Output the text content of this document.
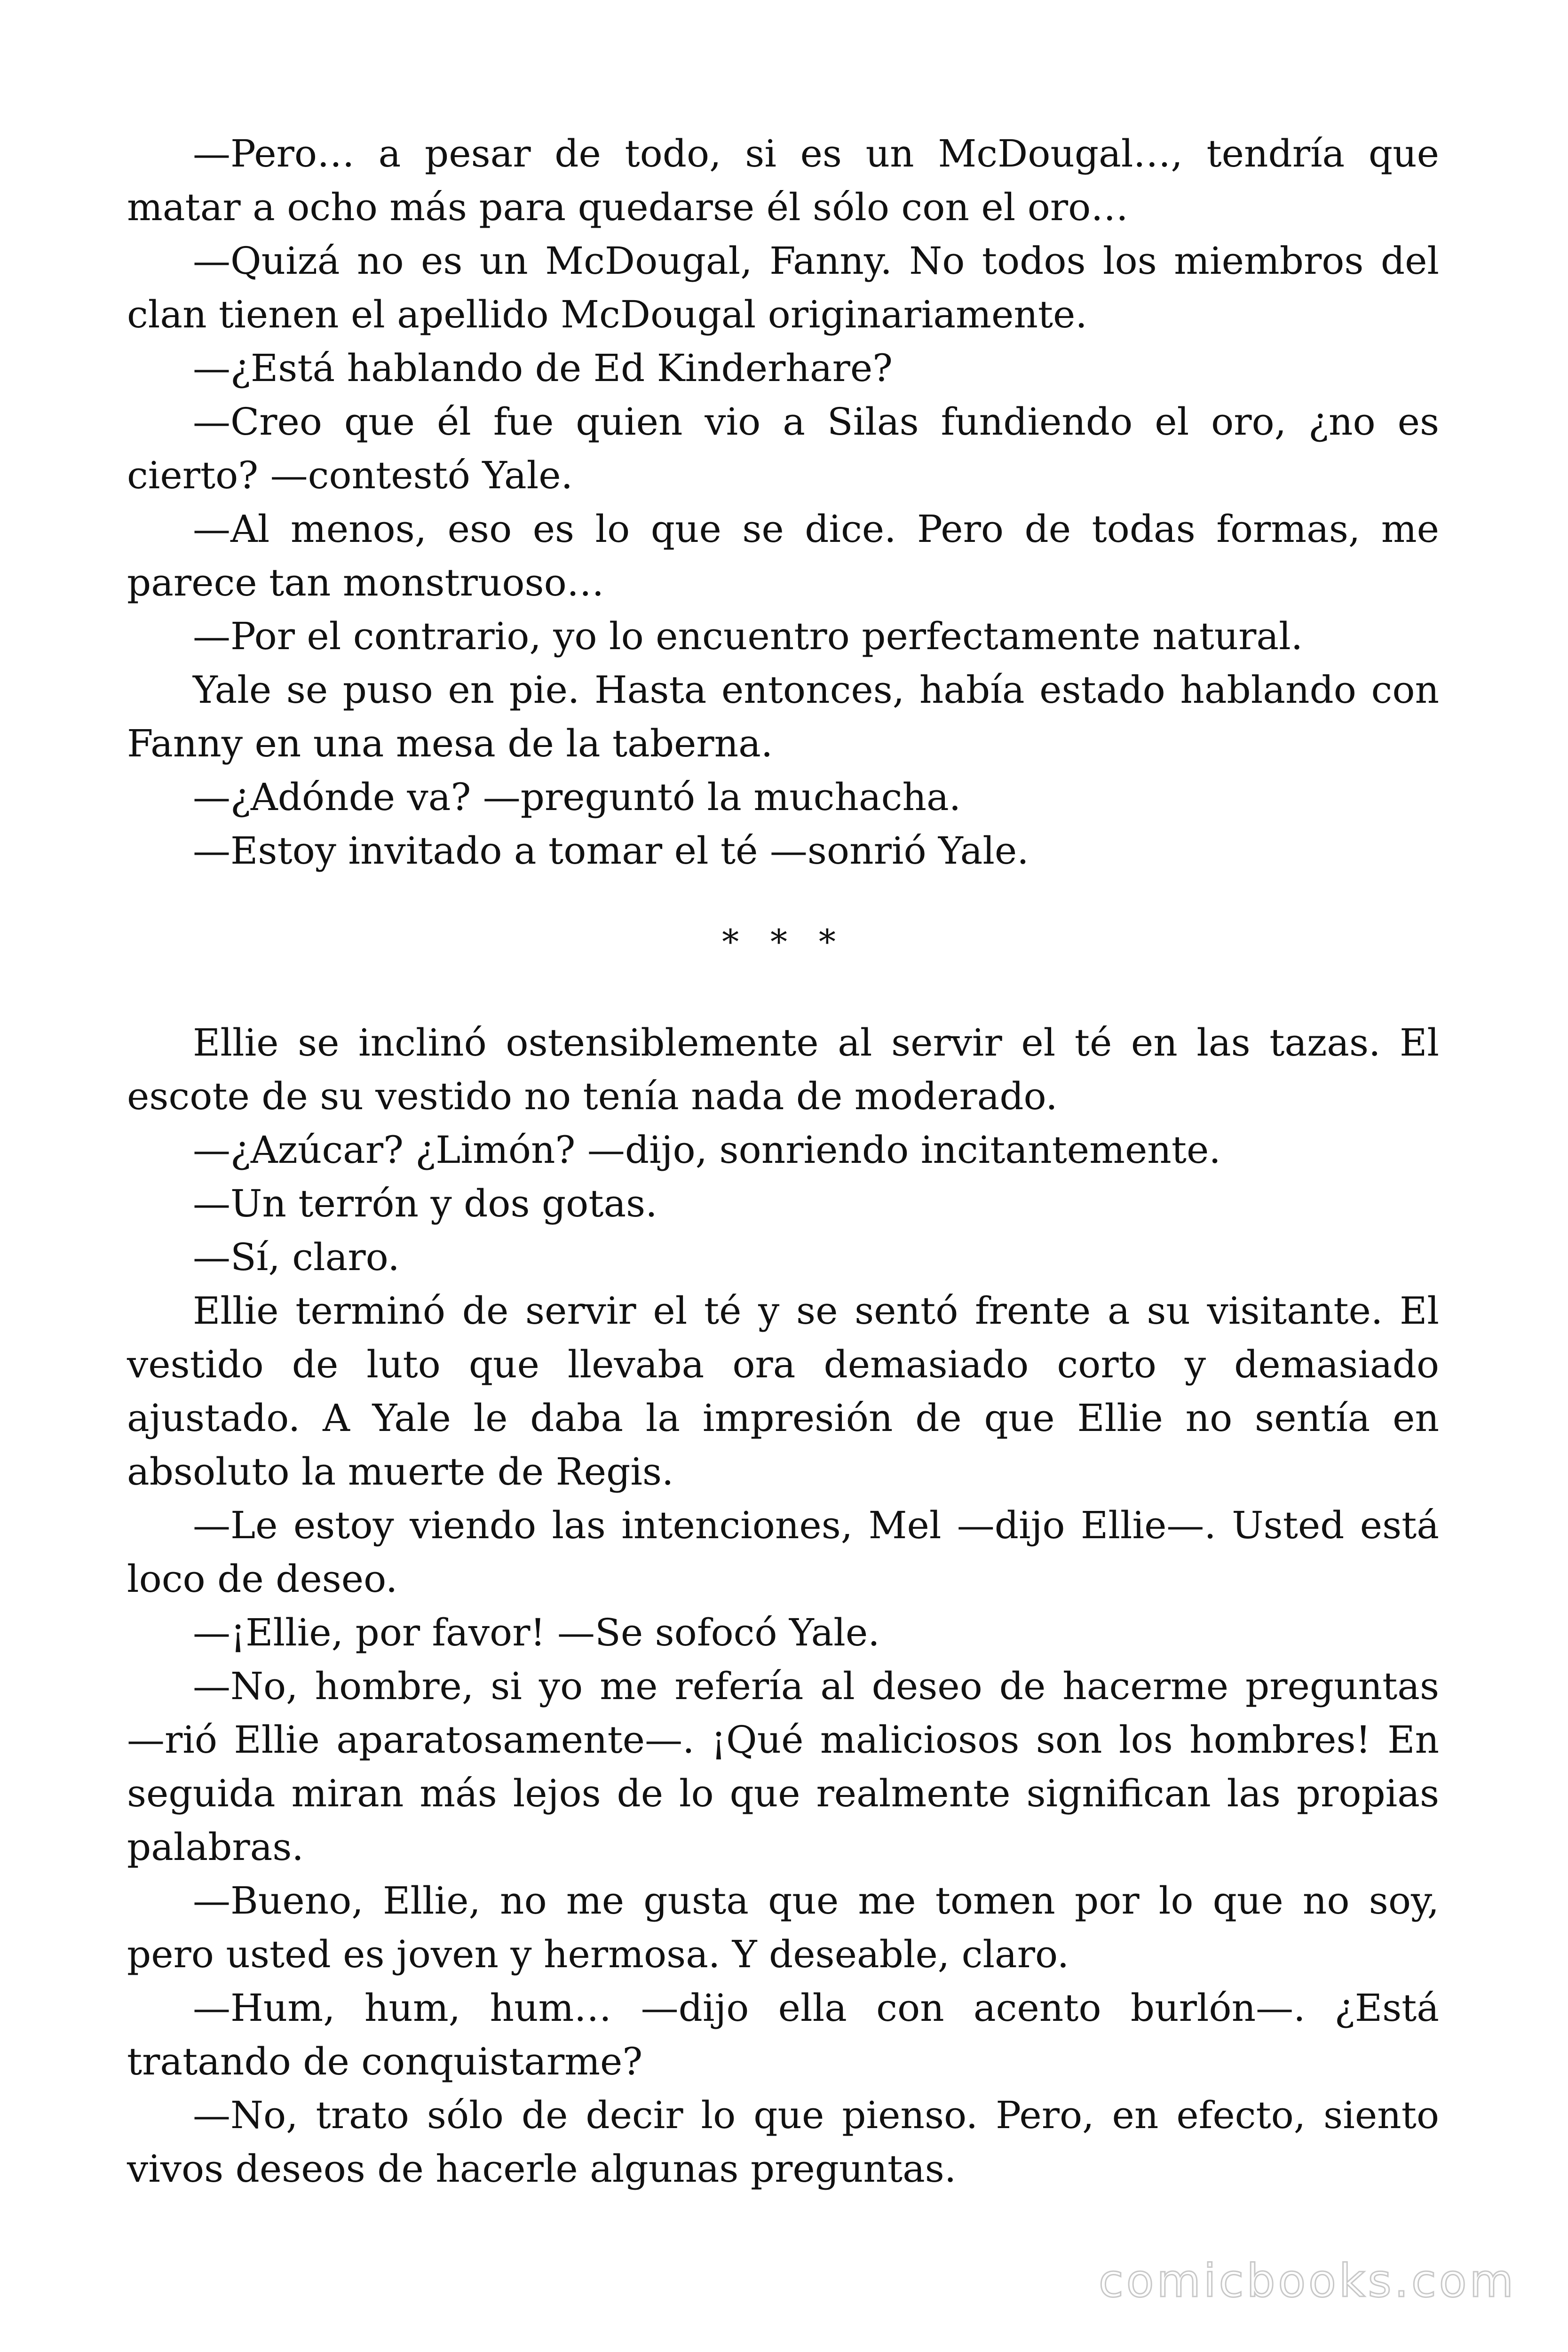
—Pero… a pesar de todo, si es un McDougal…, tendría que matar a ocho más para quedarse él sólo con el oro…

—Quizá no es un McDougal, Fanny. No todos los miembros del clan tienen el apellido McDougal originariamente.

—¿Está hablando de Ed Kinderhare?

—Creo que él fue quien vio a Silas fundiendo el oro, ¿no es cierto? —contestó Yale.

—Al menos, eso es lo que se dice. Pero de todas formas, me parece tan monstruoso…

—Por el contrario, yo lo encuentro perfectamente natural.

Yale se puso en pie. Hasta entonces, había estado hablando con Fanny en una mesa de la taberna.

—¿Adónde va? —preguntó la muchacha.

—Estoy invitado a tomar el té —sonrió Yale.

* * *

Ellie se inclinó ostensiblemente al servir el té en las tazas. El escote de su vestido no tenía nada de moderado.

—¿Azúcar? ¿Limón? —dijo, sonriendo incitantemente.

—Un terrón y dos gotas.

—Sí, claro.

Ellie terminó de servir el té y se sentó frente a su visitante. El vestido de luto que llevaba ora demasiado corto y demasiado ajustado. A Yale le daba la impresión de que Ellie no sentía en absoluto la muerte de Regis.

—Le estoy viendo las intenciones, Mel —dijo Ellie—. Usted está loco de deseo.

—¡Ellie, por favor! —Se sofocó Yale.

—No, hombre, si yo me refería al deseo de hacerme preguntas —rió Ellie aparatosamente—. ¡Qué maliciosos son los hombres! En seguida miran más lejos de lo que realmente significan las propias palabras.

—Bueno, Ellie, no me gusta que me tomen por lo que no soy, pero usted es joven y hermosa. Y deseable, claro.

—Hum, hum, hum… —dijo ella con acento burlón—. ¿Está tratando de conquistarme?

—No, trato sólo de decir lo que pienso. Pero, en efecto, siento vivos deseos de hacerle algunas preguntas.

comicbooks.com
